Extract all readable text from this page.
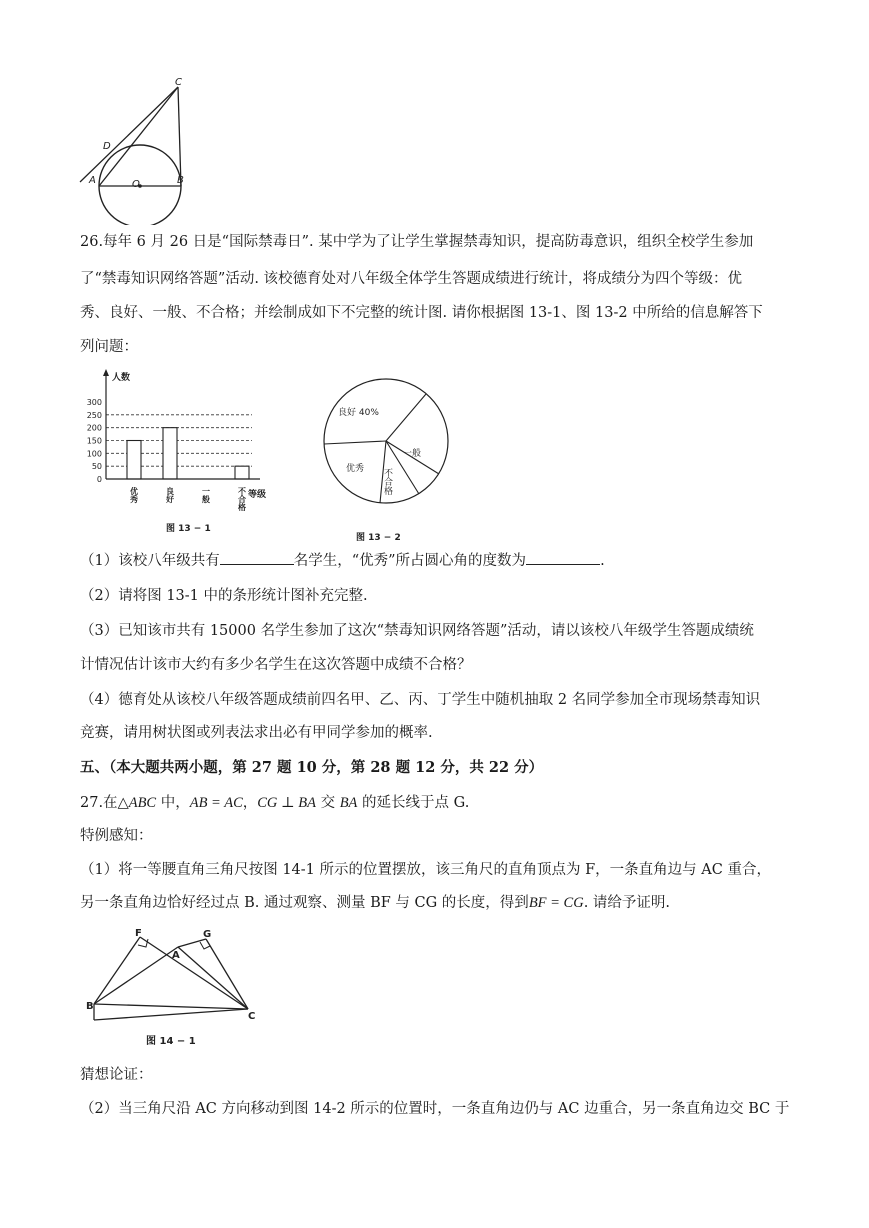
C
D
A	O	B
26.每年 6 月 26 日是“国际禁毒日”. 某中学为了让学生掌握禁毒知识，提高防毒意识，组织全校学生参加
了“禁毒知识网络答题”活动. 该校德育处对八年级全体学生答题成绩进行统计，将成绩分为四个等级：优
秀、良好、一般、不合格；并绘制成如下不完整的统计图. 请你根据图 13-1、图 13-2 中所给的信息解答下
列问题：
0
50
100
150
200
250
300
优秀	良好	一般	不合格
人数
等级
图 13 − 1
良好 40%
一般
优秀 不合格
图 13 − 2
（1）该校八年级共有	名学生，“优秀”所占圆心角的度数为	.
（2）请将图 13-1 中的条形统计图补充完整.
（3）已知该市共有 15000 名学生参加了这次“禁毒知识网络答题”活动，请以该校八年级学生答题成绩统
计情况估计该市大约有多少名学生在这次答题中成绩不合格？
（4）德育处从该校八年级答题成绩前四名甲、乙、丙、丁学生中随机抽取 2 名同学参加全市现场禁毒知识
竞赛，请用树状图或列表法求出必有甲同学参加的概率.
五、（本大题共两小题，第 27 题 10 分，第 28 题 12 分，共 22 分）
27.在△ABC 中，AB = AC，CG ⊥ BA 交 BA 的延长线于点 G.
特例感知：
（1）将一等腰直角三角尺按图 14-1 所示的位置摆放，该三角尺的直角顶点为 F，一条直角边与 AC 重合，
另一条直角边恰好经过点 B. 通过观察、测量 BF 与 CG 的长度，得到BF = CG. 请给予证明.
F
A
G
B
C
图 14 − 1
猜想论证：
（2）当三角尺沿 AC 方向移动到图 14-2 所示的位置时，一条直角边仍与 AC 边重合，另一条直角边交 BC 于
